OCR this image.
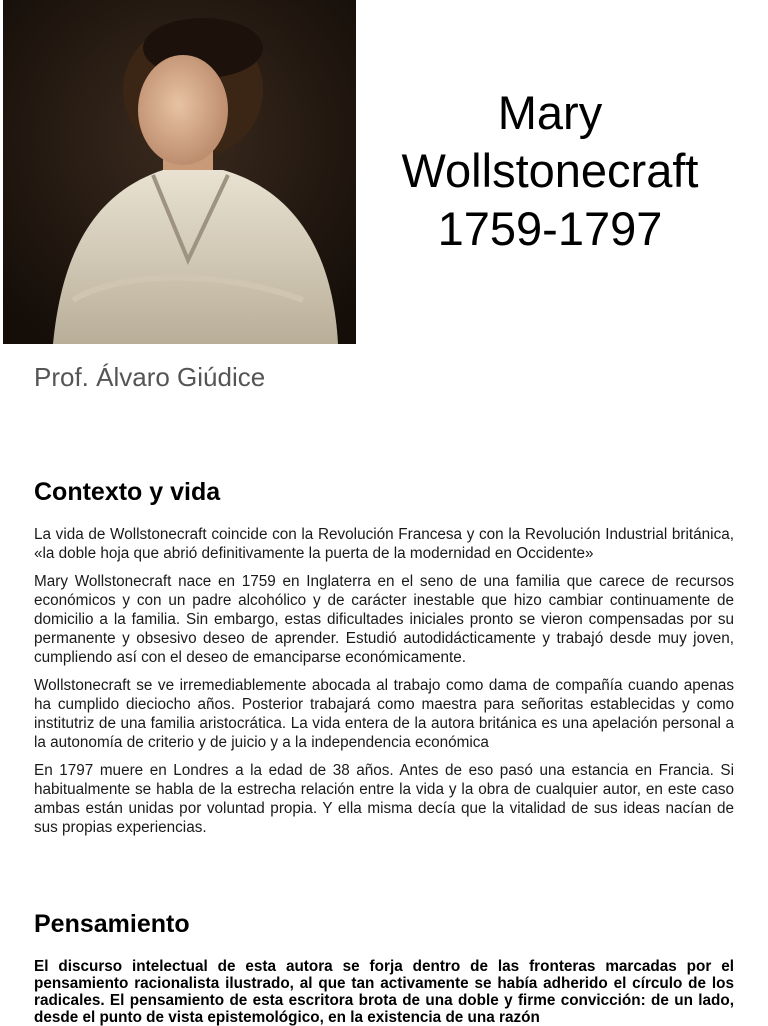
Mary
Wollstonecraft
1759-1797
Prof. Álvaro Giúdice
Contexto y vida

La vida de Wollstonecraft coincide con la Revolución Francesa y con la Revolución Industrial británica, «la doble hoja que abrió definitivamente la puerta de la modernidad en Occidente»

Mary Wollstonecraft nace en 1759 en Inglaterra en el seno de una familia que carece de recursos económicos y con un padre alcohólico y de carácter inestable que hizo cambiar continuamente de domicilio a la familia. Sin embargo, estas dificultades iniciales pronto se vieron compensadas por su permanente y obsesivo deseo de aprender. Estudió autodidácticamente y trabajó desde muy joven, cumpliendo así con el deseo de emanciparse económicamente.

Wollstonecraft se ve irremediablemente abocada al trabajo como dama de compañía cuando apenas ha cumplido dieciocho años. Posterior trabajará como maestra para señoritas establecidas y como institutriz de una familia aristocrática. La vida entera de la autora británica es una apelación personal a la autonomía de criterio y de juicio y a la independencia económica

En 1797 muere en Londres a la edad de 38 años. Antes de eso pasó una estancia en Francia. Si habitualmente se habla de la estrecha relación entre la vida y la obra de cualquier autor, en este caso ambas están unidas por voluntad propia. Y ella misma decía que la vitalidad de sus ideas nacían de sus propias experiencias.

Pensamiento
El discurso intelectual de esta autora se forja dentro de las fronteras marcadas por el pensamiento racionalista ilustrado, al que tan activamente se había adherido el círculo de los radicales. El pensamiento de esta escritora brota de una doble y firme convicción: de un lado, desde el punto de vista epistemológico, en la existencia de una razón
